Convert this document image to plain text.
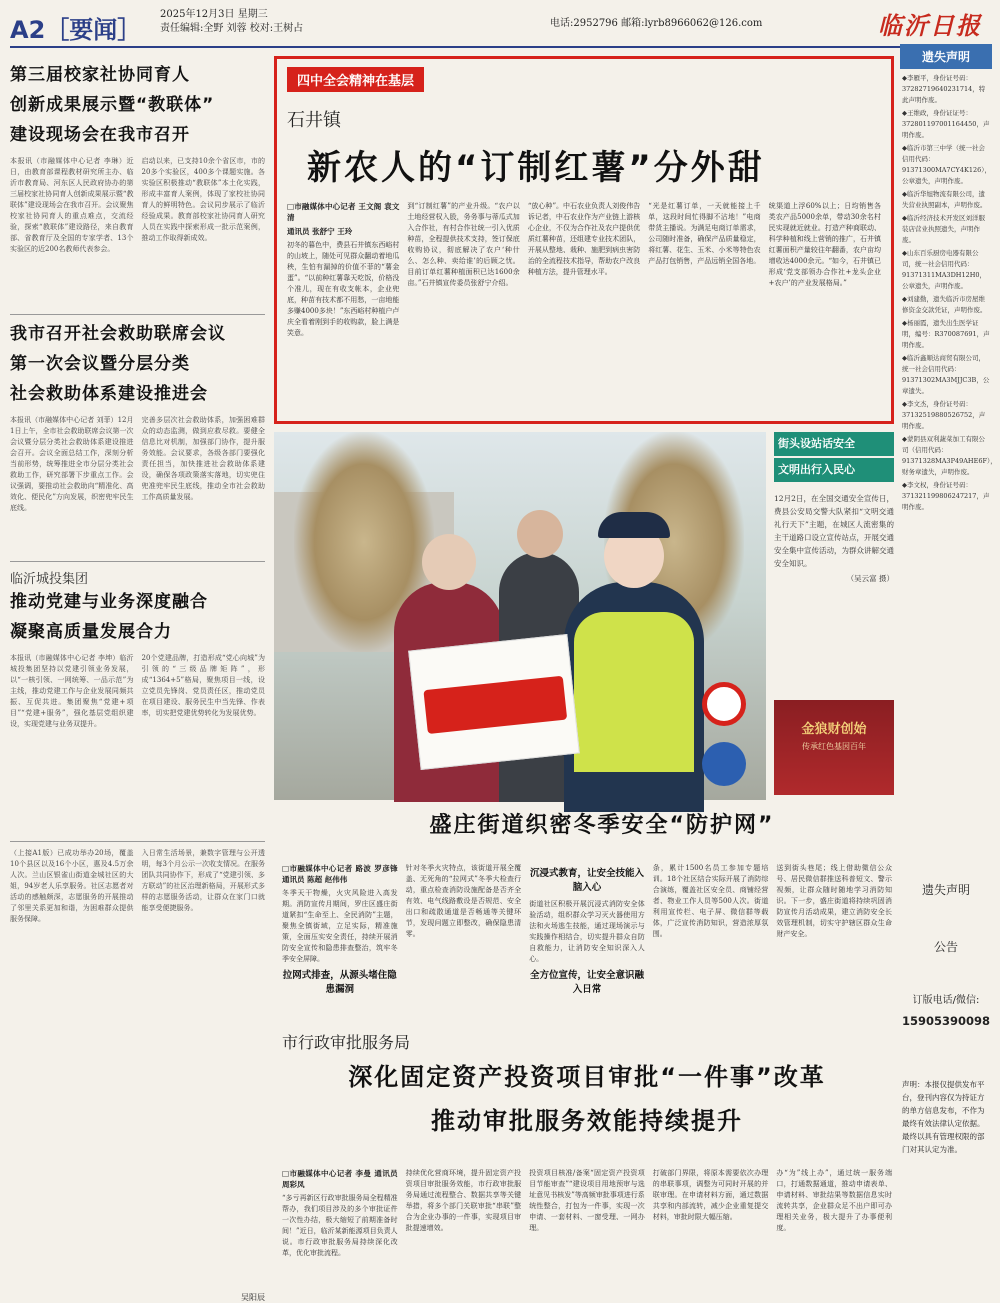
A2［要闻］
2025年12月3日 星期三
责任编辑:全野 刘蓉 校对:王树占	电话:2952796 邮箱:lyrb8966062@126.com	临沂日报
第三届校家社协同育人
创新成果展示暨“教联体”
建设现场会在我市召开
本报讯（市融媒体中心记者 李琳）近日，由教育部课程教材研究所主办、临沂市教育局、河东区人民政府协办的第三届校家社协同育人创新成果展示暨“教联体”建设现场会在我市召开。会议聚焦校家社协同育人的重点难点，交流经验，探索“教联体”建设路径，来自教育部、省教育厅及全国的专家学者、13个实验区的近200名教师代表参会。
启动以来，已支持10余个省区市，市的20多个实验区，400多个课题实施。各实验区积极推动“教联体”本土化实践，形成丰富育人案例，体现了家校社协同育人的鲜明特色。会议同步展示了临沂经验成果。教育部校家社协同育人研究人员在实践中探索形成一批示范案例，推动工作取得新成效。
我市召开社会救助联席会议
第一次会议暨分层分类
社会救助体系建设推进会
本报讯（市融媒体中心记者 刘菲）12月1日上午，全市社会救助联席会议第一次会议暨分层分类社会救助体系建设推进会召开。会议全面总结工作，深刻分析当前形势，统筹推进全市分层分类社会救助工作，研究部署下步重点工作。会议强调，要推动社会救助向“精准化、高效化、便民化”方向发展，织密兜牢民生底线。
完善多层次社会救助体系，加强困难群众的动态监测，做到应救尽救。要健全信息比对机制，加强部门协作，提升服务效能。会议要求，各级各部门要强化责任担当，加快推进社会救助体系建设，确保各项政策落实落地，切实兜住兜准兜牢民生底线，推动全市社会救助工作高质量发展。
临沂城投集团
推动党建与业务深度融合
凝聚高质量发展合力
本报讯（市融媒体中心记者 李坤）临沂城投集团坚持以党建引领业务发展，以“一核引领、一网统筹、一品示范”为主线，推动党建工作与企业发展同频共振、互促共进。集团聚焦“党建+项目”“党建+服务”，强化基层党组织建设，实现党建与业务双提升。
20个党建品牌，打造形成“党心向城”为引领的“三级品牌矩阵”，形成“1364+5”格局，聚焦项目一线，设立党员先锋岗、党员责任区，推动党员在项目建设、服务民生中当先锋、作表率，切实把党建优势转化为发展优势。
（上接A1版）已成功举办20场，覆盖10个县区以及16个小区，惠及4.5万余人次。兰山区银雀山街道金城社区的大姐，94岁老人乐享服务。社区志愿者对活动的感触颇深，志愿服务的开展推动了邻里关系更加和谐，为困难群众提供服务保障。
入日常生活场景，兼数字管理与公开透明，每3个月公示一次收支情况。在服务团队共同协作下，形成了“党建引领、多方联动”的社区治理新格局，开展形式多样的志愿服务活动，让群众在家门口就能享受便捷服务。
吴阳辰
四中全会精神在基层
石井镇
新农人的“订制红薯”分外甜
□市融媒体中心记者 王文阁 袁文清
通讯员 张舒宁 王玲
初冬的暮色中，费县石井镇东西峪村的山坡上，随处可见群众翻动着地瓜秧，生怕有漏掉的价值不菲的“薯金蛋”。“以前种红薯靠天吃饭，价格没个准儿，现在有收支帐本，企业兜底，种苗有技术都不用愁，一亩地能多赚4000多块！”东西峪村种植户卢庆全看着刚到手的收购款，脸上满是笑意。
到“订制红薯”的产业升级。“农户以土地经营权入股，务务事与蒂瓜式加入合作社，有村合作社统一引入优质种苗，全程提供技术支持，签订保底收购协议，彻底解决了农户‘种什么、怎么种、卖给谁’的后顾之忧。目前订单红薯种植面积已达1600余亩。”石井镇宣传委员张舒宁介绍。
“放心种”。中石农业负责人刘俊伟告诉记者，中石农业作为产业链上游核心企业，不仅为合作社及农户提供优质红薯种苗，还组建专业技术团队，开展从整地、栽种、施肥到病虫害防治的全流程技术指导，帮助农户改良种植方法，提升管理水平。
“光是红薯订单，一天就能接上千单，这段时间忙得脚不沾地！”电商带货主播说。为满足电商订单需求，公司随时准备，确保产品质量稳定，将红薯、花生、玉米、小米等特色农产品打包销售，产品远销全国各地。
统渠道上浮60%以上；日均销售各类农产品5000余单，带动30余名村民实现就近就业。打造产种商联动、科学种植和线上营销的推广，石井镇红薯面积产量较往年翻番，农户亩均增收达4000余元。“如今，石井镇已形成‘党支部领办合作社+龙头企业+农户’的产业发展格局。”
街头设站话安全
文明出行入民心
12月2日，在全国交通安全宣传日，费县公安局交警大队紧扣“文明交通 礼行天下”主题，在城区人流密集的主干道路口设立宣传站点，开展交通安全集中宣传活动，为群众讲解交通安全知识。
（吴云富 摄）
金狼财创始
传承红色基因百年
盛庄街道织密冬季安全“防护网”
□市融媒体中心记者 路波 罗彦锋 通讯员 陈超 赵伟伟
冬季天干物燥，火灾风险进入高发期。消防宣传月期间，罗庄区盛庄街道紧扣“生命至上、全民消防”主题，聚焦全镇街域，立足实际，精准施策，全面压实安全责任，持续开展消防安全宣传和隐患排查整治，筑牢冬季安全屏障。
拉网式排查，从源头堵住隐患漏洞
针对冬季火灾特点，该街道开展全覆盖、无死角的“拉网式”冬季大检查行动，重点检查消防设施配备是否齐全有效、电气线路敷设是否规范、安全出口和疏散通道是否畅通等关键环节，发现问题立即整改，确保隐患清零。
沉浸式教育，让安全技能入脑入心
街道社区积极开展沉浸式消防安全体验活动，组织群众学习灭火器使用方法和火场逃生技能，通过现场演示与实践操作相结合，切实提升群众自防自救能力，让消防安全知识深入人心。
全方位宣传，让安全意识融入日常
条，累计1500名员工参加专题培训。18个社区结合实际开展了消防综合演练，覆盖社区安全员、商铺经营者、物业工作人员等500人次。街道利用宣传栏、电子屏、微信群等载体，广泛宣传消防知识，营造浓厚氛围。
送到街头巷尾；线上借助微信公众号、居民微信群推送科普短文、警示视频，让群众随时随地学习消防知识。下一步，盛庄街道将持续巩固消防宣传月活动成果，建立消防安全长效管理机制，切实守护辖区群众生命财产安全。
市行政审批服务局
深化固定资产投资项目审批“一件事”改革
推动审批服务效能持续提升
□市融媒体中心记者 李曼 通讯员 周彩凤
“多亏再新区行政审批服务局全程精准帮办，我们项目涉及的多个审批证件一次性办结，极大缩短了前期准备时间！”近日，临沂某新能源项目负责人说。市行政审批服务局持续深化改革，优化审批流程。
持续优化营商环境，提升固定资产投资项目审批服务效能，市行政审批服务局通过流程整合、数据共享等关键举措，将多个部门关联审批“串联”整合为企业办事的一件事，实现项目审批提速增效。
投资项目核准/备案“固定资产投资项目节能审查”“建设项目用地预审与选址意见书核发”等高频审批事项进行系统性整合，打包为一件事，实现一次申请、一套材料、一窗受理、一网办理。
打破部门界限，将原本需要依次办理的串联事项，调整为可同时开展的并联审理。在申请材料方面，通过数据共享和内部流转，减少企业重复提交材料，审批时限大幅压缩。
办“为”线上办”，通过统一服务端口，打通数据通道，推动申请表单、申请材料、审批结果等数据信息实时流转共享，企业群众足不出户即可办理相关业务，极大提升了办事便利度。
遗失声明

◆李雁平，身份证号码：37282719640231714，特此声明作废。

◆王维政，身份证证号：372801197001164450，声明作废。

◆临沂市第三中学（统一社会信用代码：91371300MA7CY4K126），公章遗失，声明作废。

◆临沂华旭物流有限公司，遗失营业执照副本，声明作废。

◆临沂经济技术开发区刘洋服装店营业执照遗失，声明作废。

◆山东百乐厨房电器有限公司，统一社会信用代码：91371311MA3DH12H0，公章遗失，声明作废。

◆刘建勤，遗失临沂市房屋维修资金交款凭证，声明作废。

◆杨丽霞，遗失出生医学证明，编号：R370087691，声明作废。

◆临沂鑫顺达商贸有限公司，统一社会信用代码：91371302MA3MJJC3B，公章遗失。

◆李文杰，身份证号码：37132519880526752，声明作废。

◆蒙阴县双利蔬菜加工有限公司（信用代码：91371328MA3P49AHE6F），财务章遗失，声明作废。

◆李文权，身份证号码：371321199806247217，声明作废。

遗失声明
公告
订版电话/微信:
15905390098
声明：本报仅提供发布平台，登刊内容仅为持证方的单方信息发布，不作为最终有效法律认定依据。最终以具有管理权限的部门对其认定为准。
